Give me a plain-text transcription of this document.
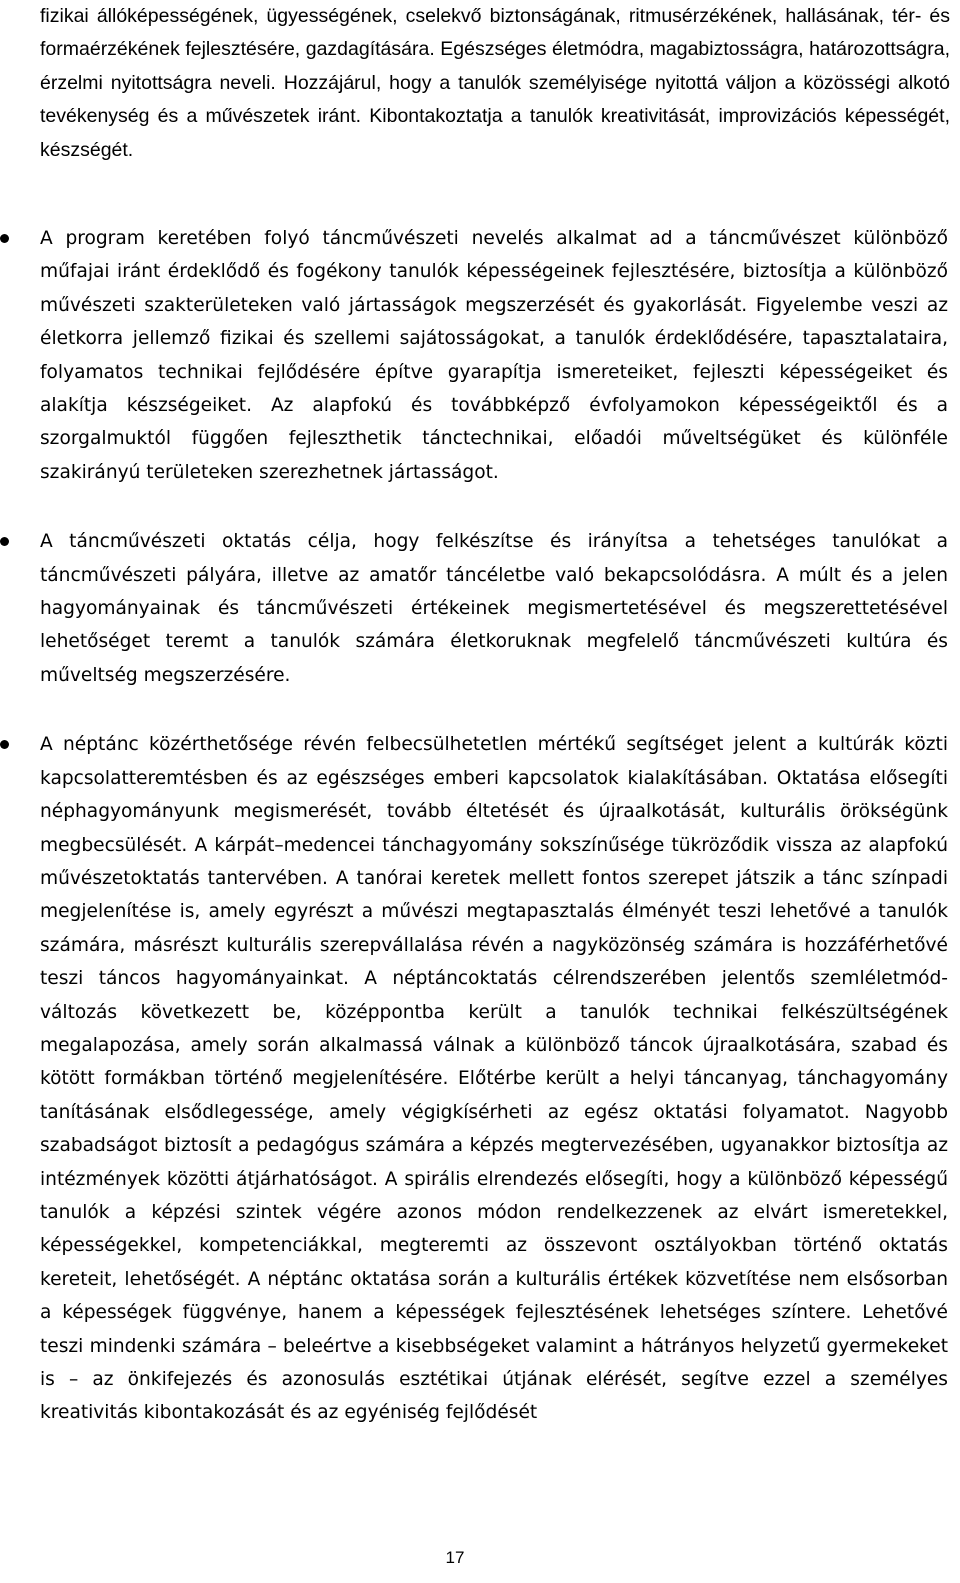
fizikai állóképességének, ügyességének, cselekvő biztonságának, ritmusérzékének, hallásának, tér- és formaérzékének fejlesztésére, gazdagítására. Egészséges életmódra, magabiztosságra, határozottságra, érzelmi nyitottságra neveli. Hozzájárul, hogy a tanulók személyisége nyitottá váljon a közösségi alkotó tevékenység és a művészetek iránt. Kibontakoztatja a tanulók kreativitását, improvizációs képességét, készségét.

A program keretében folyó táncművészeti nevelés alkalmat ad a táncművészet különböző műfajai iránt érdeklődő és fogékony tanulók képességeinek fejlesztésére, biztosítja a különböző művészeti szakterületeken való jártasságok megszerzését és gyakorlását. Figyelembe veszi az életkorra jellemző fizikai és szellemi sajátosságokat, a tanulók érdeklődésére, tapasztalataira, folyamatos technikai fejlődésére építve gyarapítja ismereteiket, fejleszti képességeiket és alakítja készségeiket. Az alapfokú és továbbképző évfolyamokon képességeiktől és a szorgalmuktól függően fejleszthetik tánctechnikai, előadói műveltségüket és különféle szakirányú területeken szerezhetnek jártasságot.
A táncművészeti oktatás célja, hogy felkészítse és irányítsa a tehetséges tanulókat a táncművészeti pályára, illetve az amatőr táncéletbe való bekapcsolódásra. A múlt és a jelen hagyományainak és táncművészeti értékeinek megismertetésével és megszerettetésével lehetőséget teremt a tanulók számára életkoruknak megfelelő táncművészeti kultúra és műveltség megszerzésére.
A néptánc közérthetősége révén felbecsülhetetlen mértékű segítséget jelent a kultúrák közti kapcsolatteremtésben és az egészséges emberi kapcsolatok kialakításában. Oktatása elősegíti néphagyományunk megismerését, tovább éltetését és újraalkotását, kulturális örökségünk megbecsülését. A kárpát–medencei tánchagyomány sokszínűsége tükröződik vissza az alapfokú művészetoktatás tantervében. A tanórai keretek mellett fontos szerepet játszik a tánc színpadi megjelenítése is, amely egyrészt a művészi megtapasztalás élményét teszi lehetővé a tanulók számára, másrészt kulturális szerepvállalása révén a nagyközönség számára is hozzáférhetővé teszi táncos hagyományainkat. A néptáncoktatás célrendszerében jelentős szemléletmód-változás következett be, középpontba került a tanulók technikai felkészültségének megalapozása, amely során alkalmassá válnak a különböző táncok újraalkotására, szabad és kötött formákban történő megjelenítésére. Előtérbe került a helyi táncanyag, tánchagyomány tanításának elsődlegessége, amely végigkísérheti az egész oktatási folyamatot. Nagyobb szabadságot biztosít a pedagógus számára a képzés megtervezésében, ugyanakkor biztosítja az intézmények közötti átjárhatóságot. A spirális elrendezés elősegíti, hogy a különböző képességű tanulók a képzési szintek végére azonos módon rendelkezzenek az elvárt ismeretekkel, képességekkel, kompetenciákkal, megteremti az összevont osztályokban történő oktatás kereteit, lehetőségét. A néptánc oktatása során a kulturális értékek közvetítése nem elsősorban a képességek függvénye, hanem a képességek fejlesztésének lehetséges színtere. Lehetővé teszi mindenki számára – beleértve a kisebbségeket valamint a hátrányos helyzetű gyermekeket is – az önkifejezés és azonosulás esztétikai útjának elérését, segítve ezzel a személyes kreativitás kibontakozását és az egyéniség fejlődését
17
